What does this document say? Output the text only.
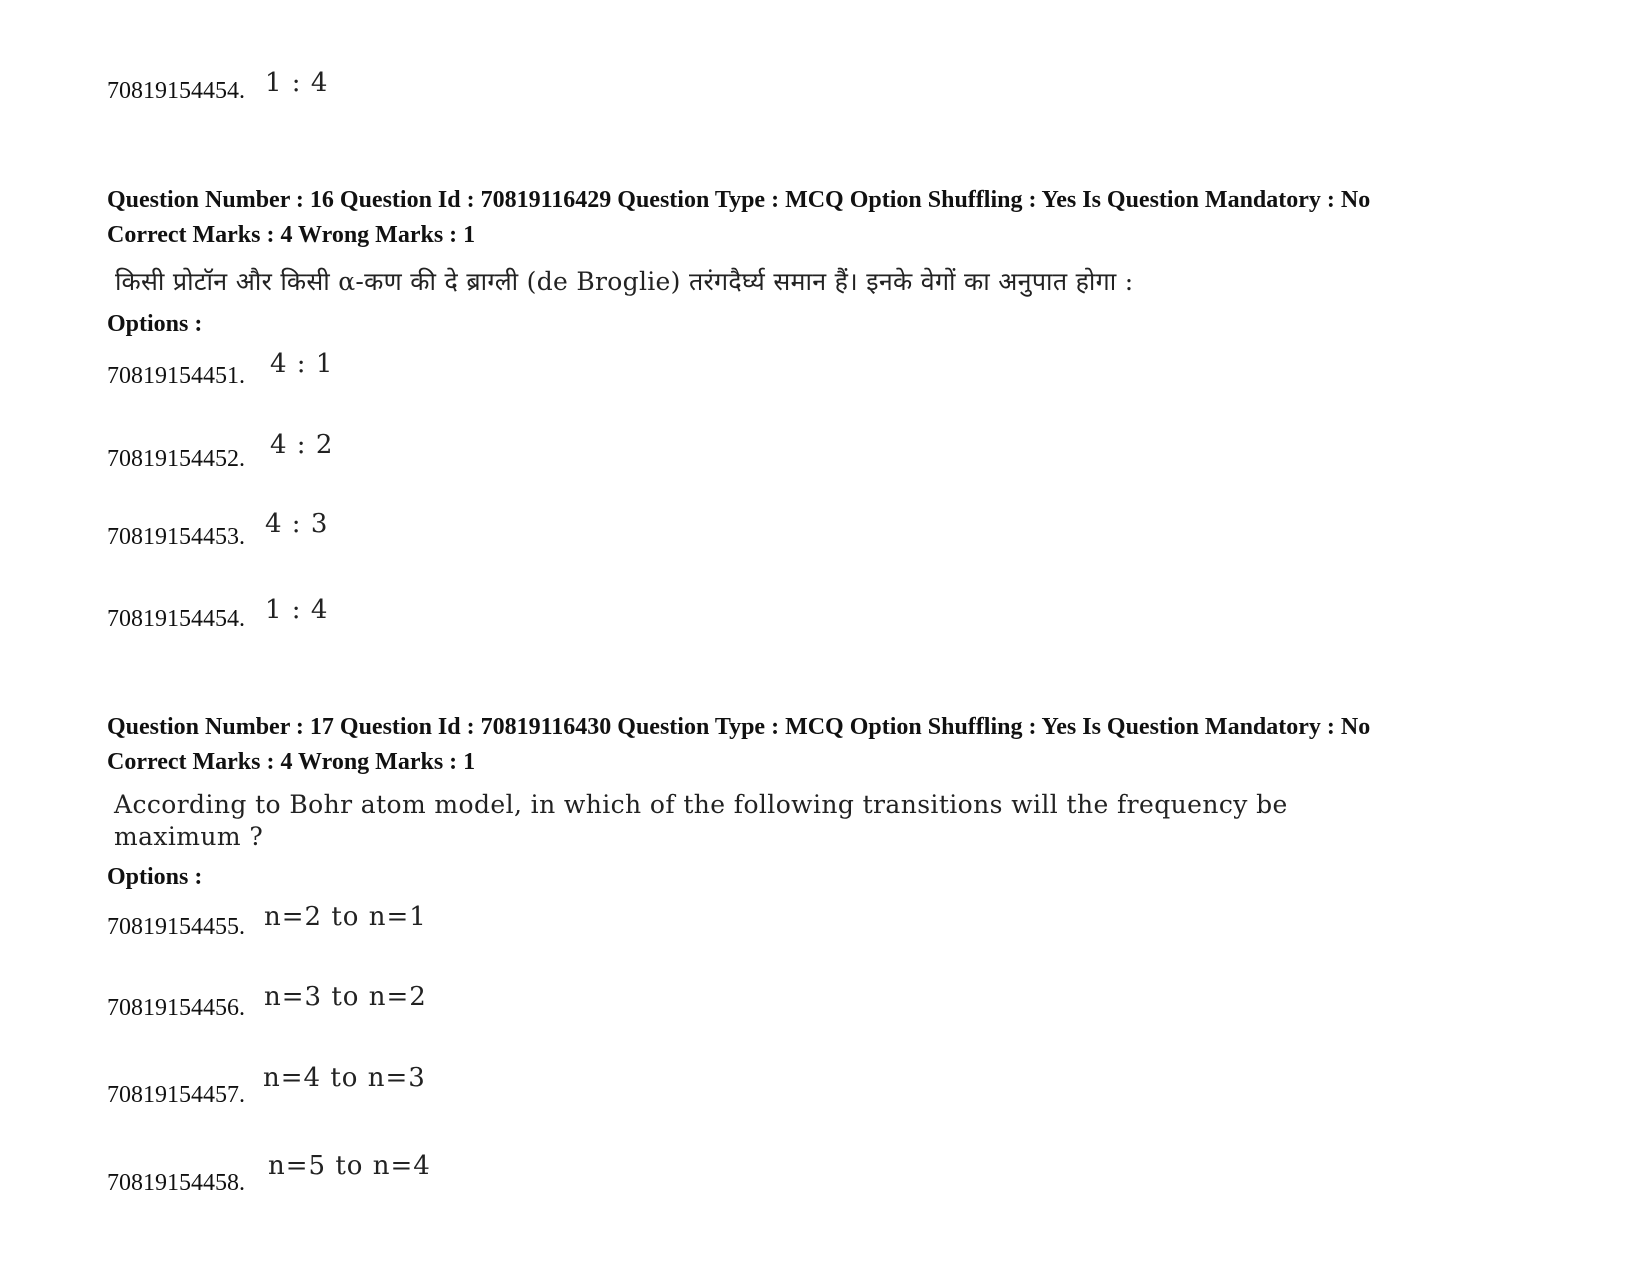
70819154454. 1 : 4
Question Number : 16 Question Id : 70819116429 Question Type : MCQ Option Shuffling : Yes Is Question Mandatory : No
Correct Marks : 4 Wrong Marks : 1
किसी प्रोटॉन और किसी α-कण की दे ब्राग्ली (de Broglie) तरंगदैर्घ्य समान हैं। इनके वेगों का अनुपात होगा :
Options :
70819154451. 4 : 1
70819154452. 4 : 2
70819154453. 4 : 3
70819154454. 1 : 4
Question Number : 17 Question Id : 70819116430 Question Type : MCQ Option Shuffling : Yes Is Question Mandatory : No
Correct Marks : 4 Wrong Marks : 1
According to Bohr atom model, in which of the following transitions will the frequency be
maximum ?
Options :
70819154455. n=2 to n=1
70819154456. n=3 to n=2
70819154457.
n=4 to n=3
70819154458.
n=5 to n=4
